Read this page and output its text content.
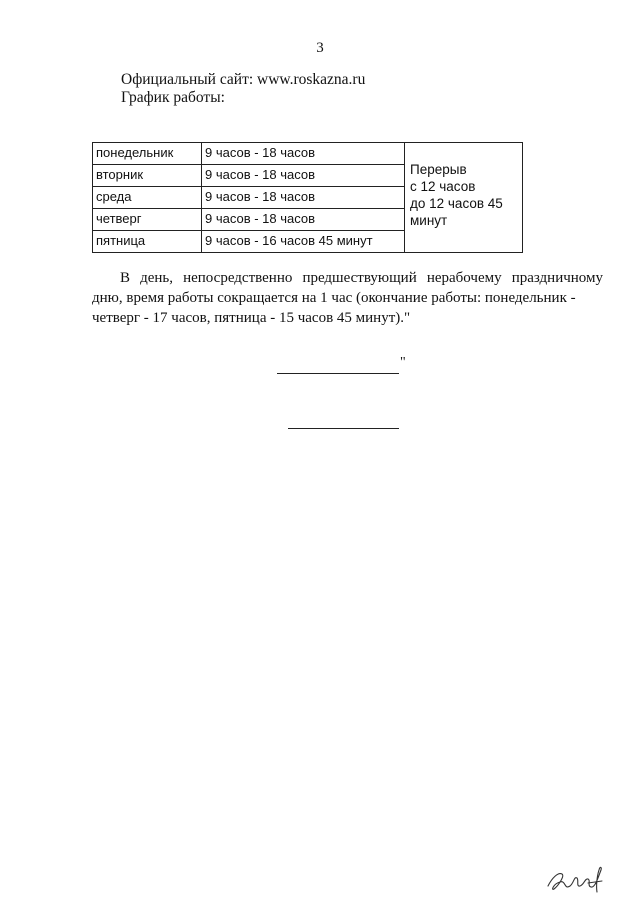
3
Официальный сайт: www.roskazna.ru
График работы:
понедельник	9 часов - 18 часов	Перерыв
с 12 часов
до 12 часов 45
минут

вторник	9 часов - 18 часов	
среда	9 часов - 18 часов	
четверг	9 часов - 18 часов	
пятница	9 часов - 16 часов 45 минут	
В день, непосредственно предшествующий нерабочему праздничному
дню, время работы сокращается на 1 час (окончание работы: понедельник -
четверг - 17 часов, пятница - 15 часов 45 минут)."
"
